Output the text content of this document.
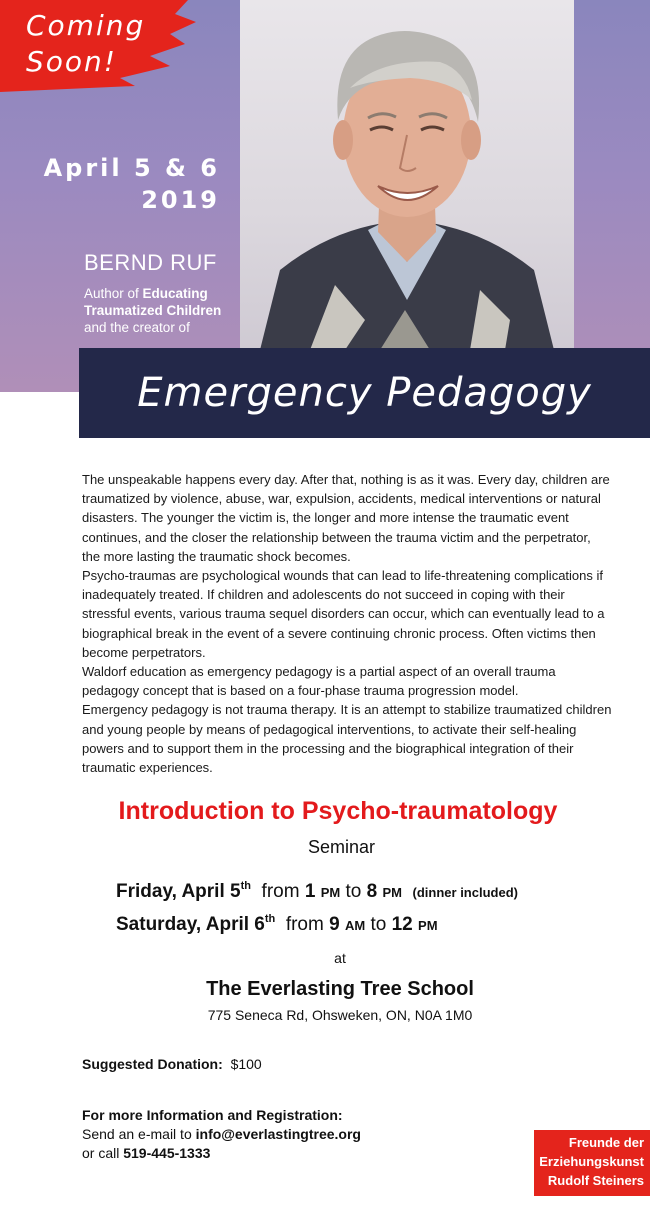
Coming
Soon!
April 5 & 6
2019
BERND RUF
Author of Educating
Traumatized Children
and the creator of
Emergency Pedagogy

The unspeakable happens every day. After that, nothing is as it was. Every day, children are traumatized by violence, abuse, war, expulsion, accidents, medical interventions or natural disasters. The younger the victim is, the longer and more intense the traumatic event continues, and the closer the relationship between the trauma victim and the perpetrator, the more lasting the traumatic shock becomes.

Psycho-traumas are psychological wounds that can lead to life-threatening complications if inadequately treated. If children and adolescents do not succeed in coping with their stressful events, various trauma sequel disorders can occur, which can eventually lead to a biographical break in the event of a severe continuing chronic process. Often victims then become perpetrators.

Waldorf education as emergency pedagogy is a partial aspect of an overall trauma pedagogy concept that is based on a four-phase trauma progression model.

Emergency pedagogy is not trauma therapy. It is an attempt to stabilize traumatized children and young people by means of pedagogical interventions, to activate their self-healing powers and to support them in the processing and the biographical integration of their traumatic experiences.

Introduction to Psycho-traumatology
Seminar
Friday, April 5th from 1 PM to 8 PM (dinner included)
Saturday, April 6th from 9 AM to 12 PM
at
The Everlasting Tree School
775 Seneca Rd, Ohsweken, ON, N0A 1M0
Suggested Donation: $100
For more Information and Registration:
Send an e-mail to info@everlastingtree.org
or call 519-445-1333
Freunde der
Erziehungskunst
Rudolf Steiners
